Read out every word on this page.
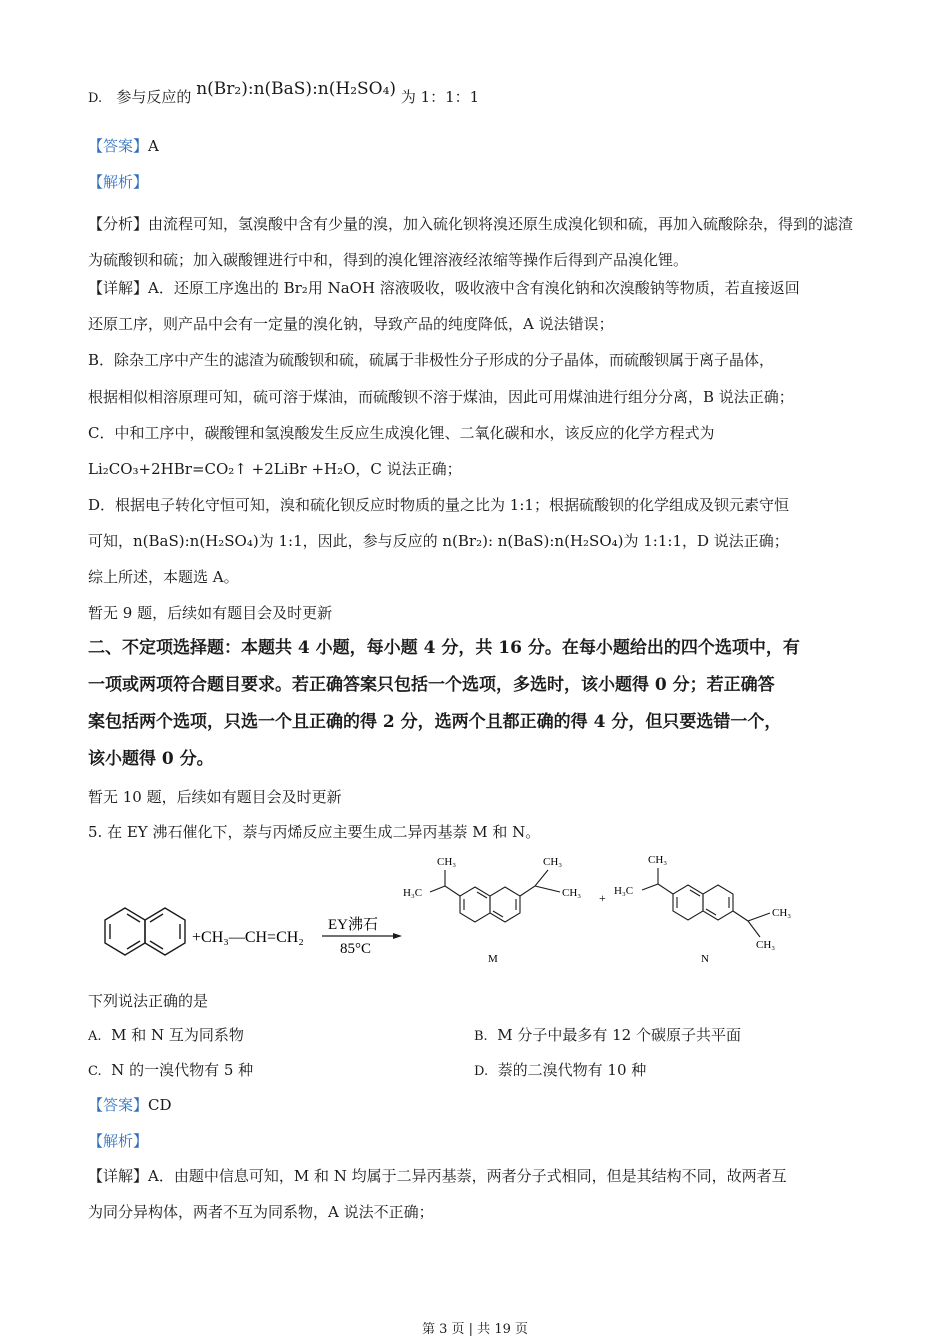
D. 参与反应的 n(Br₂):n(BaS):n(H₂SO₄) 为 1：1：1
【答案】A
【解析】
【分析】由流程可知，氢溴酸中含有少量的溴，加入硫化钡将溴还原生成溴化钡和硫，再加入硫酸除杂，得到的滤渣为硫酸钡和硫；加入碳酸锂进行中和，得到的溴化锂溶液经浓缩等操作后得到产品溴化锂。
【详解】A．还原工序逸出的 Br₂用 NaOH 溶液吸收，吸收液中含有溴化钠和次溴酸钠等物质，若直接返回
还原工序，则产品中会有一定量的溴化钠，导致产品的纯度降低，A 说法错误；
B．除杂工序中产生的滤渣为硫酸钡和硫，硫属于非极性分子形成的分子晶体，而硫酸钡属于离子晶体，
根据相似相溶原理可知，硫可溶于煤油，而硫酸钡不溶于煤油，因此可用煤油进行组分分离，B 说法正确；
C．中和工序中，碳酸锂和氢溴酸发生反应生成溴化锂、二氧化碳和水，该反应的化学方程式为
Li₂CO₃+2HBr=CO₂↑ +2LiBr +H₂O，C 说法正确；
D．根据电子转化守恒可知，溴和硫化钡反应时物质的量之比为 1:1；根据硫酸钡的化学组成及钡元素守恒
可知，n(BaS):n(H₂SO₄)为 1:1，因此，参与反应的 n(Br₂): n(BaS):n(H₂SO₄)为 1:1:1，D 说法正确；
综上所述，本题选 A。
暂无 9 题，后续如有题目会及时更新
二、不定项选择题：本题共 4 小题，每小题 4 分，共 16 分。在每小题给出的四个选项中，有
一项或两项符合题目要求。若正确答案只包括一个选项，多选时，该小题得 0 分；若正确答
案包括两个选项，只选一个且正确的得 2 分，选两个且都正确的得 4 分，但只要选错一个，
该小题得 0 分。
暂无 10 题，后续如有题目会及时更新
5. 在 EY 沸石催化下，萘与丙烯反应主要生成二异丙基萘 M 和 N。
+CH₃—CH=CH₂
EY沸石
85°C
CH₃
H₃C
CH₃
CH₃
M
+
CH₃
H₃C
CH₃
CH₃
N
下列说法正确的是
A. M 和 N 互为同系物	B. M 分子中最多有 12 个碳原子共平面
C. N 的一溴代物有 5 种	D. 萘的二溴代物有 10 种
【答案】CD
【解析】
【详解】A．由题中信息可知，M 和 N 均属于二异丙基萘，两者分子式相同，但是其结构不同，故两者互
为同分异构体，两者不互为同系物，A 说法不正确；
第 3 页 | 共 19 页
